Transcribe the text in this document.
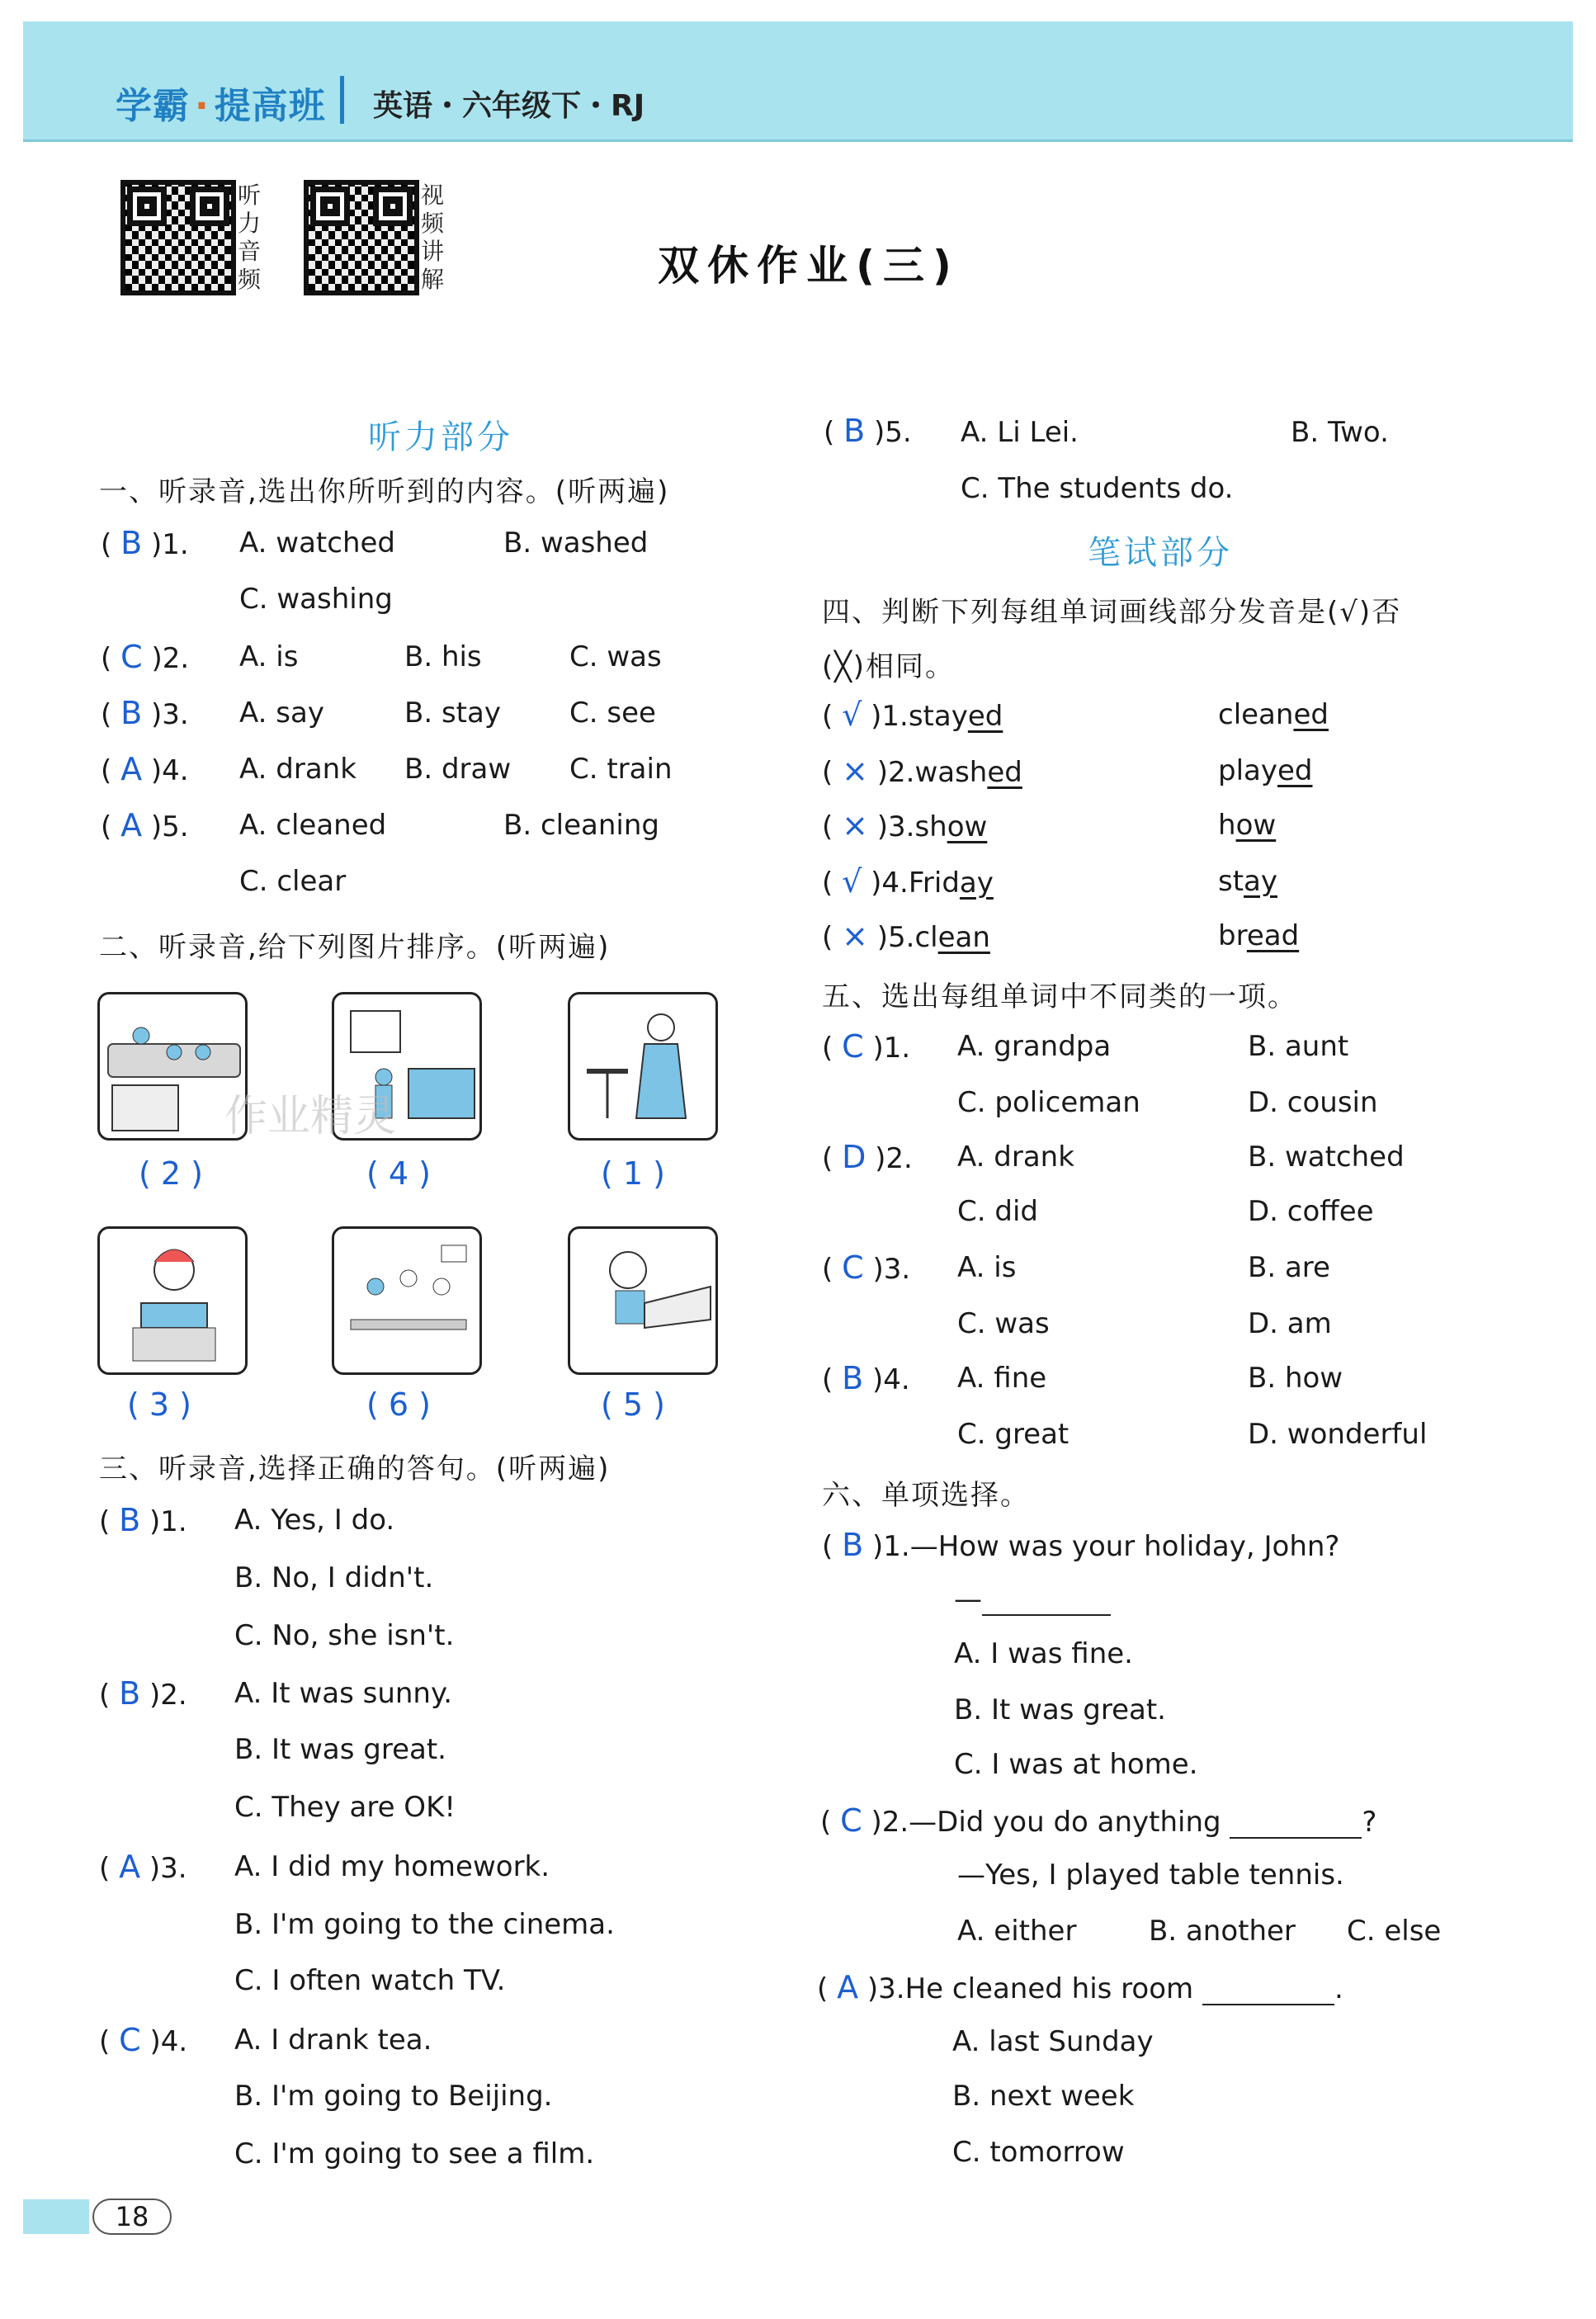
学霸 · 提高班 英语・六年级下・RJ
听力音频
视频讲解	双休作业(三)
听力部分
一、听录音,选出你所听到的内容。(听两遍)
( B )1. A. watched	B. washed
C. washing
( C )2. A. is	B. his	C. was
( B )3. A. say	B. stay C. see
( A )4. A. drank B. draw C. train
( A )5. A. cleaned	B. cleaning
C. clear
二、听录音,给下列图片排序。(听两遍)
( 2 )	( 4 )	( 1 )
( 3 )	( 6 )	( 5 )
作业精灵
三、听录音,选择正确的答句。(听两遍)
( B )1. A. Yes, I do.
B. No, I didn't.
C. No, she isn't.
( B )2. A. It was sunny.
B. It was great.
C. They are OK!
( A )3. A. I did my homework.
B. I'm going to the cinema.
C. I often watch TV.
( C )4. A. I drank tea.
B. I'm going to Beijing.
C. I'm going to see a film.
( B )5. A. Li Lei.	B. Two.
C. The students do.
笔试部分
四、判断下列每组单词画线部分发音是(√)否
(╳)相同。
( √ )1.stayed	cleaned
( × )2.washed	played
( × )3.show	how
( √ )4.Friday	stay
( × )5.clean	bread
五、选出每组单词中不同类的一项。
( C )1. A. grandpa	B. aunt
C. policeman	D. cousin
( D )2. A. drank	B. watched
C. did	D. coffee
( C )3. A. is	B. are
C. was	D. am
( B )4. A. fine	B. how
C. great	D. wonderful
六、单项选择。
( B )1.—How was your holiday, John?
—
A. I was fine.
B. It was great.
C. I was at home.
( C )2.—Did you do anything	?
—Yes, I played table tennis.
A. either	B. another C. else
( A )3.He cleaned his room	.
A. last Sunday
B. next week
C. tomorrow
18
